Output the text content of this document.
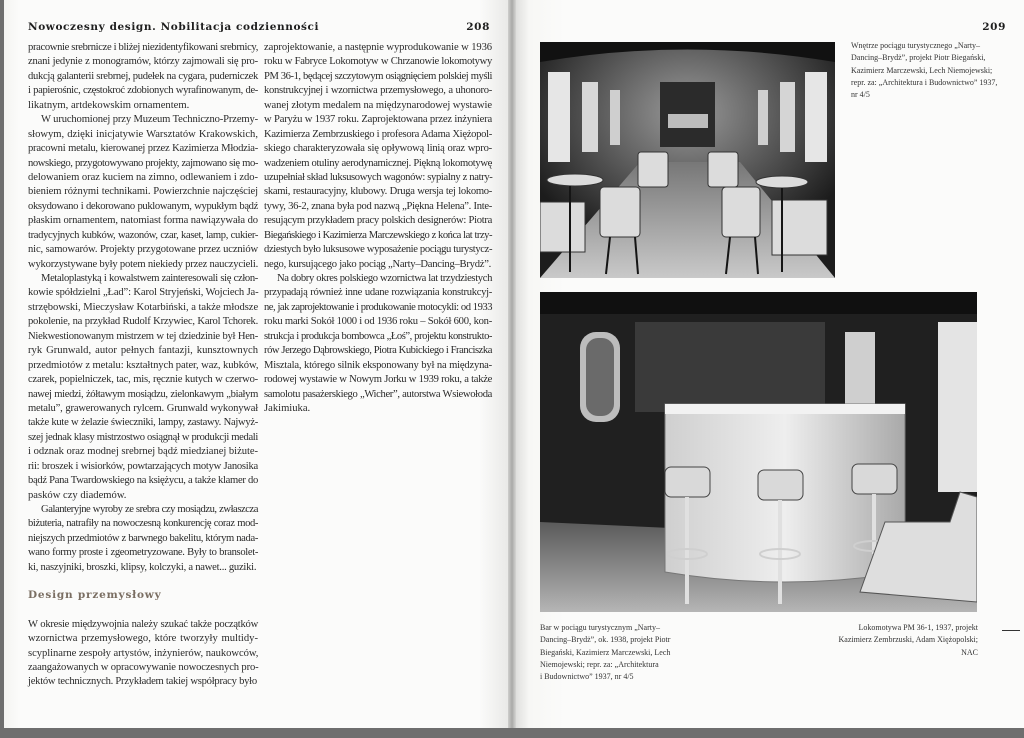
Nowoczesny design. Nobilitacja codzienności	208	209
pracownie srebrnicze i bliżej niezidentyfikowani srebrnicy,
znani jedynie z monogramów, którzy zajmowali się pro-
dukcją galanterii srebrnej, pudełek na cygara, puderniczek
i papierośnic, częstokroć zdobionych wyrafinowanym, de-
likatnym, artdekowskim ornamentem.
W uruchomionej przy Muzeum Techniczno-Przemy-
słowym, dzięki inicjatywie Warsztatów Krakowskich,
pracowni metalu, kierowanej przez Kazimierza Młodzia-
nowskiego, przygotowywano projekty, zajmowano się mo-
delowaniem oraz kuciem na zimno, odlewaniem i zdo-
bieniem różnymi technikami. Powierzchnie najczęściej
oksydowano i dekorowano puklowanym, wypukłym bądź
płaskim ornamentem, natomiast forma nawiązywała do
tradycyjnych kubków, wazonów, czar, kaset, lamp, cukier-
nic, samowarów. Projekty przygotowane przez uczniów
wykorzystywane były potem niekiedy przez nauczycieli.
Metaloplastyką i kowalstwem zainteresowali się człon-
kowie spółdzielni „Ład”: Karol Stryjeński, Wojciech Ja-
strzębowski, Mieczysław Kotarbiński, a także młodsze
pokolenie, na przykład Rudolf Krzywiec, Karol Tchorek.
Niekwestionowanym mistrzem w tej dziedzinie był Hen-
ryk Grunwald, autor pełnych fantazji, kunsztownych
przedmiotów z metalu: kształtnych pater, waz, kubków,
czarek, popielniczek, tac, mis, ręcznie kutych w czerwo-
nawej miedzi, żółtawym mosiądzu, zielonkawym „białym
metalu”, grawerowanych rylcem. Grunwald wykonywał
także kute w żelazie świeczniki, lampy, zastawy. Najwyż-
szej jednak klasy mistrzostwo osiągnął w produkcji medali
i odznak oraz modnej srebrnej bądź miedzianej biżute-
rii: broszek i wisiorków, powtarzających motyw Janosika
bądź Pana Twardowskiego na księżycu, a także klamer do
pasków czy diademów.
Galanteryjne wyroby ze srebra czy mosiądzu, zwłaszcza
biżuteria, natrafiły na nowoczesną konkurencję coraz mod-
niejszych przedmiotów z barwnego bakelitu, którym nada-
wano formy proste i zgeometryzowane. Były to bransolet-
ki, naszyjniki, broszki, klipsy, kolczyki, a nawet... guziki.
Design przemysłowy
W okresie międzywojnia należy szukać także początków
wzornictwa przemysłowego, które tworzyły multidy-
scyplinarne zespoły artystów, inżynierów, naukowców,
zaangażowanych w opracowywanie nowoczesnych pro-
jektów technicznych. Przykładem takiej współpracy było
zaprojektowanie, a następnie wyprodukowanie w 1936
roku w Fabryce Lokomotyw w Chrzanowie lokomotywy
PM 36-1, będącej szczytowym osiągnięciem polskiej myśli
konstrukcyjnej i wzornictwa przemysłowego, a uhonoro-
wanej złotym medalem na międzynarodowej wystawie
w Paryżu w 1937 roku. Zaprojektowana przez inżyniera
Kazimierza Zembrzuskiego i profesora Adama Xiężopol-
skiego charakteryzowała się opływową linią oraz wpro-
wadzeniem otuliny aerodynamicznej. Piękną lokomotywę
uzupełniał skład luksusowych wagonów: sypialny z natry-
skami, restauracyjny, klubowy. Druga wersja tej lokomo-
tywy, 36-2, znana była pod nazwą „Piękna Helena”. Inte-
resującym przykładem pracy polskich designerów: Piotra
Biegańskiego i Kazimierza Marczewskiego z końca lat trzy-
dziestych było luksusowe wyposażenie pociągu turystycz-
nego, kursującego jako pociąg „Narty–Dancing–Brydż”.
Na dobry okres polskiego wzornictwa lat trzydziestych
przypadają również inne udane rozwiązania konstrukcyj-
ne, jak zaprojektowanie i produkowanie motocykli: od 1933
roku marki Sokół 1000 i od 1936 roku – Sokół 600, kon-
strukcja i produkcja bombowca „Łoś”, projektu konstrukto-
rów Jerzego Dąbrowskiego, Piotra Kubickiego i Franciszka
Misztala, którego silnik eksponowany był na międzyna-
rodowej wystawie w Nowym Jorku w 1939 roku, a także
samolotu pasażerskiego „Wicher”, autorstwa Wsiewołoda
Jakimiuka.
Wnętrze pociągu turystycznego „Narty–
Dancing–Brydż”, projekt Piotr Biegański,
Kazimierz Marczewski, Lech Niemojewski;
repr. za: „Architektura i Budownictwo” 1937,
nr 4/5
Bar w pociągu turystycznym „Narty–
Dancing–Brydż”, ok. 1938, projekt Piotr
Biegański, Kazimierz Marczewski, Lech
Niemojewski; repr. za: „Architektura
i Budownictwo” 1937, nr 4/5
Lokomotywa PM 36-1, 1937, projekt
Kazimierz Zembrzuski, Adam Xiężopolski;
NAC
